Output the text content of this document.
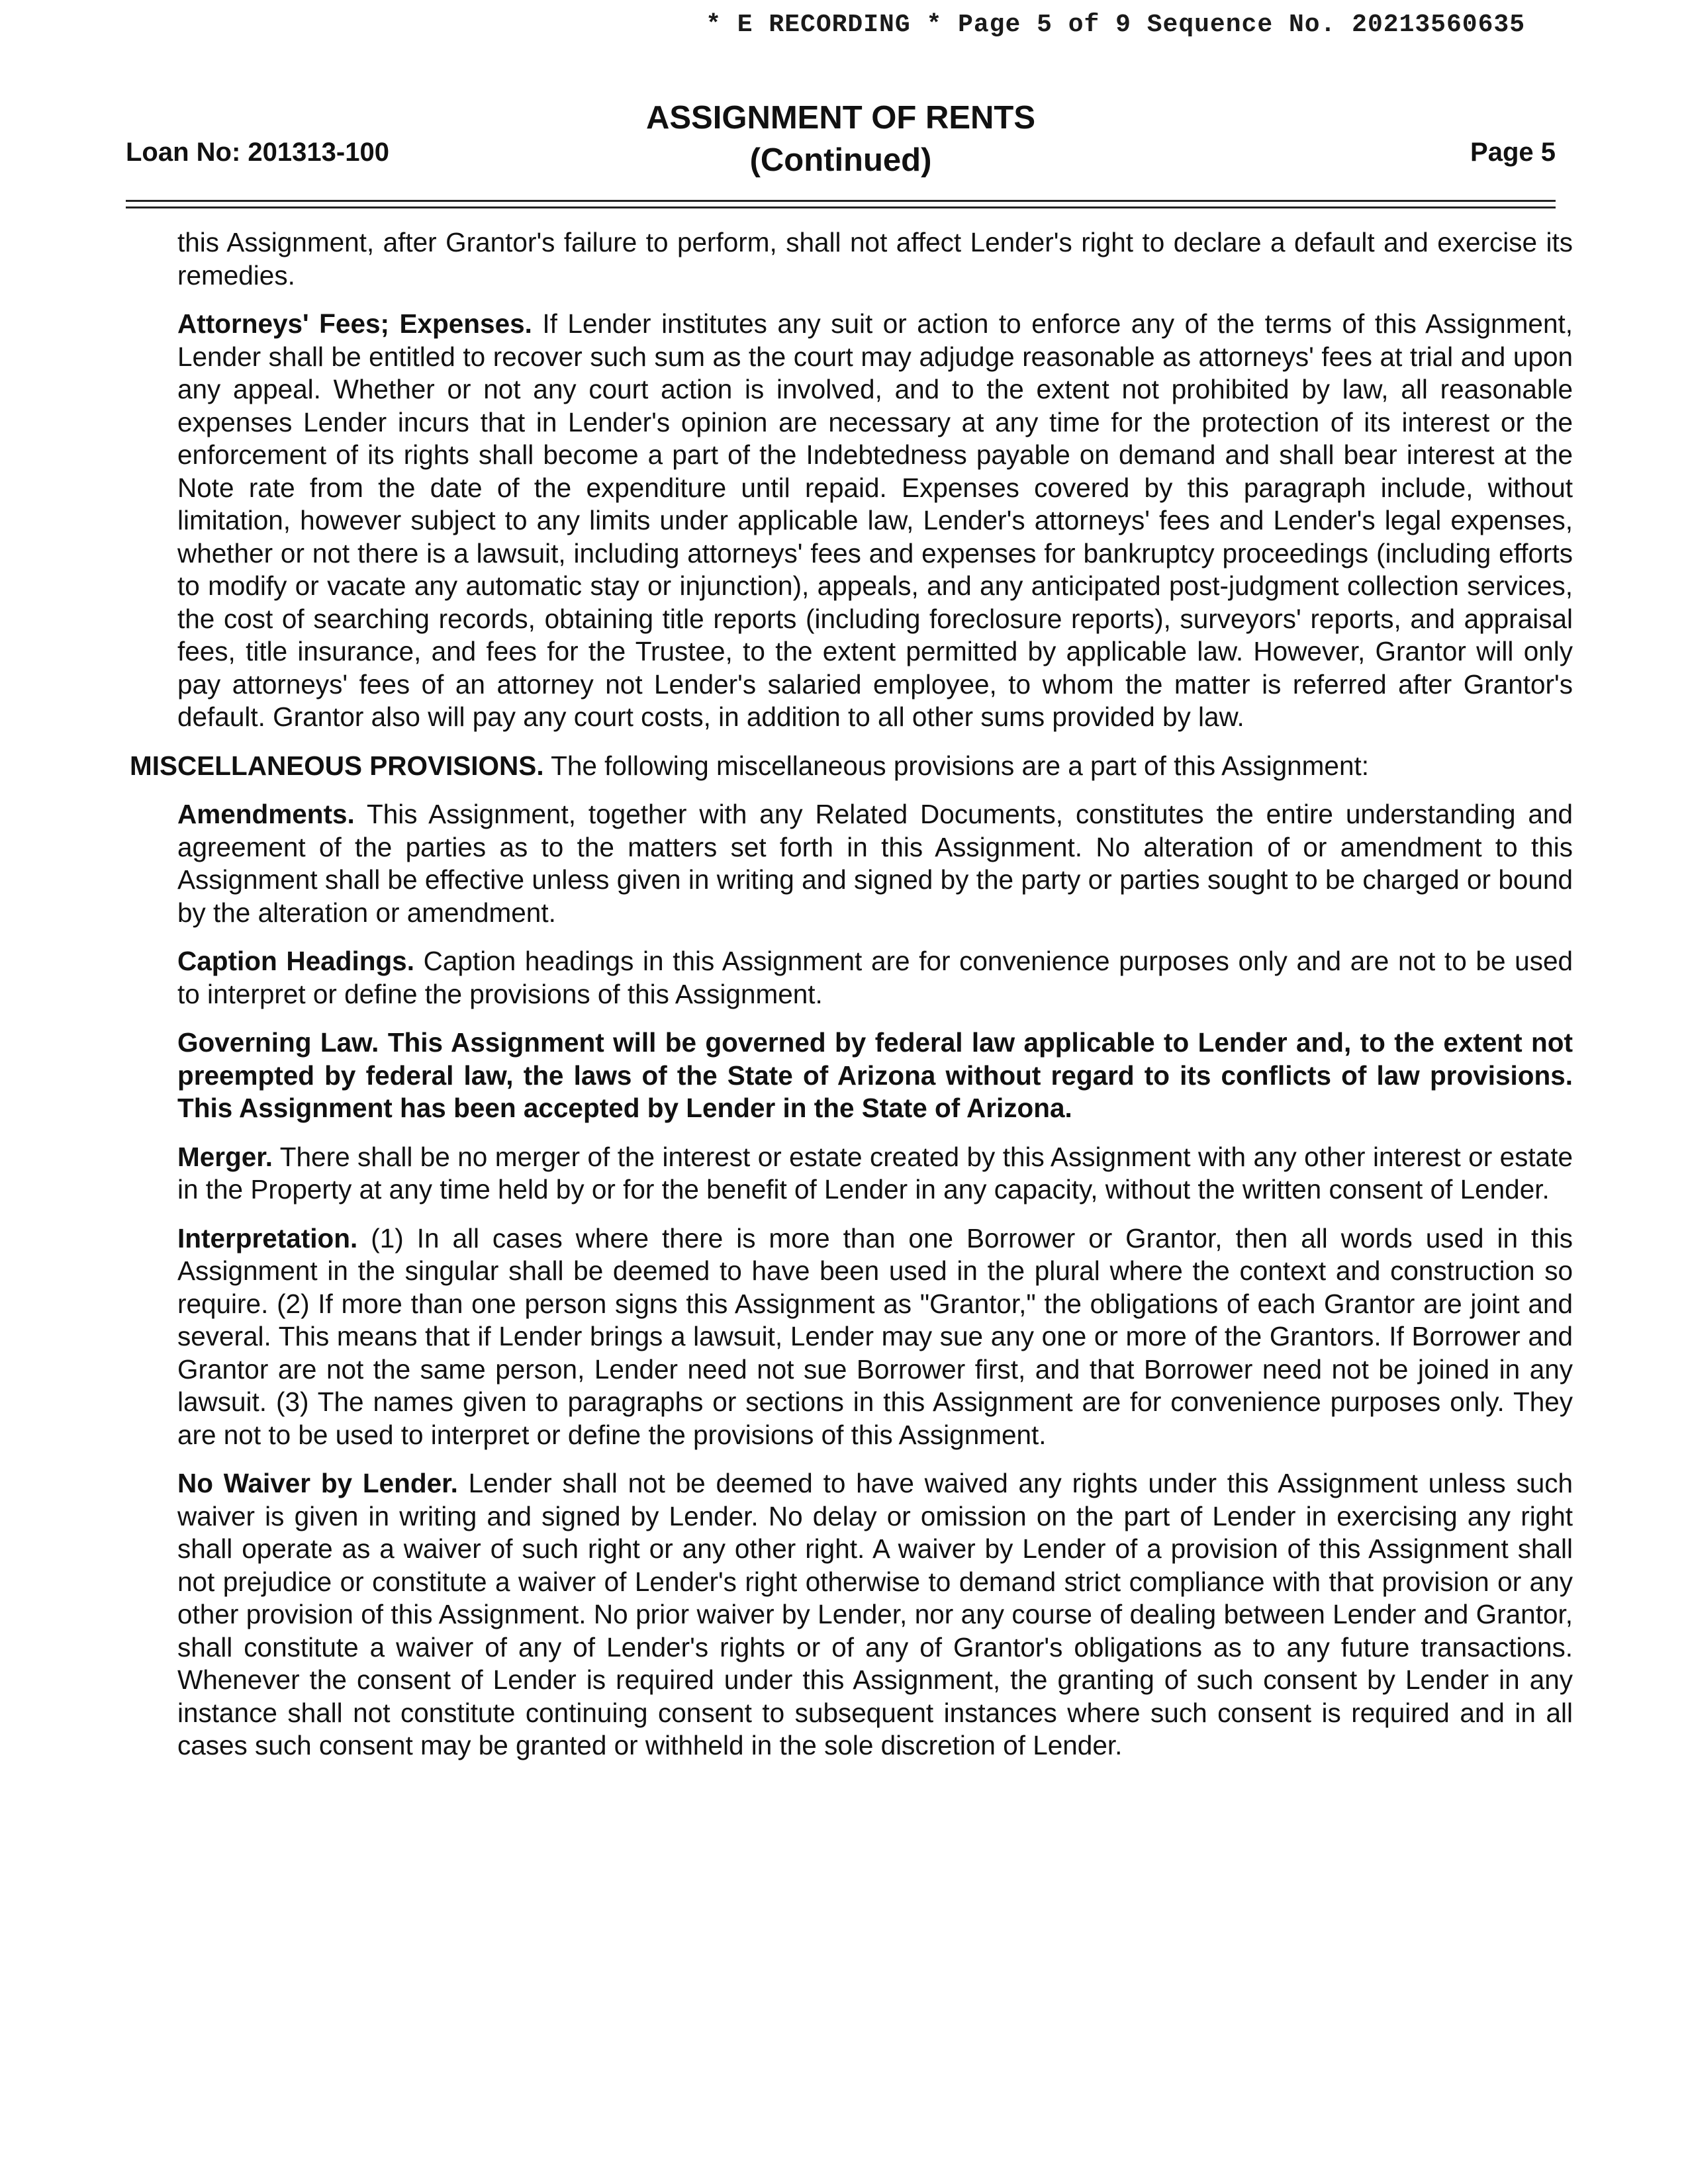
* E RECORDING * Page 5 of 9 Sequence No. 20213560635
Loan No: 201313-100
ASSIGNMENT OF RENTS
(Continued)	Page 5

this Assignment, after Grantor's failure to perform, shall not affect Lender's right to declare a default and exercise its remedies.

Attorneys' Fees; Expenses. If Lender institutes any suit or action to enforce any of the terms of this Assignment, Lender shall be entitled to recover such sum as the court may adjudge reasonable as attorneys' fees at trial and upon any appeal. Whether or not any court action is involved, and to the extent not prohibited by law, all reasonable expenses Lender incurs that in Lender's opinion are necessary at any time for the protection of its interest or the enforcement of its rights shall become a part of the Indebtedness payable on demand and shall bear interest at the Note rate from the date of the expenditure until repaid. Expenses covered by this paragraph include, without limitation, however subject to any limits under applicable law, Lender's attorneys' fees and Lender's legal expenses, whether or not there is a lawsuit, including attorneys' fees and expenses for bankruptcy proceedings (including efforts to modify or vacate any automatic stay or injunction), appeals, and any anticipated post-judgment collection services, the cost of searching records, obtaining title reports (including foreclosure reports), surveyors' reports, and appraisal fees, title insurance, and fees for the Trustee, to the extent permitted by applicable law. However, Grantor will only pay attorneys' fees of an attorney not Lender's salaried employee, to whom the matter is referred after Grantor's default. Grantor also will pay any court costs, in addition to all other sums provided by law.

MISCELLANEOUS PROVISIONS. The following miscellaneous provisions are a part of this Assignment:

Amendments. This Assignment, together with any Related Documents, constitutes the entire understanding and agreement of the parties as to the matters set forth in this Assignment. No alteration of or amendment to this Assignment shall be effective unless given in writing and signed by the party or parties sought to be charged or bound by the alteration or amendment.

Caption Headings. Caption headings in this Assignment are for convenience purposes only and are not to be used to interpret or define the provisions of this Assignment.

Governing Law. This Assignment will be governed by federal law applicable to Lender and, to the extent not preempted by federal law, the laws of the State of Arizona without regard to its conflicts of law provisions. This Assignment has been accepted by Lender in the State of Arizona.

Merger. There shall be no merger of the interest or estate created by this Assignment with any other interest or estate in the Property at any time held by or for the benefit of Lender in any capacity, without the written consent of Lender.

Interpretation. (1) In all cases where there is more than one Borrower or Grantor, then all words used in this Assignment in the singular shall be deemed to have been used in the plural where the context and construction so require. (2) If more than one person signs this Assignment as "Grantor," the obligations of each Grantor are joint and several. This means that if Lender brings a lawsuit, Lender may sue any one or more of the Grantors. If Borrower and Grantor are not the same person, Lender need not sue Borrower first, and that Borrower need not be joined in any lawsuit. (3) The names given to paragraphs or sections in this Assignment are for convenience purposes only. They are not to be used to interpret or define the provisions of this Assignment.

No Waiver by Lender. Lender shall not be deemed to have waived any rights under this Assignment unless such waiver is given in writing and signed by Lender. No delay or omission on the part of Lender in exercising any right shall operate as a waiver of such right or any other right. A waiver by Lender of a provision of this Assignment shall not prejudice or constitute a waiver of Lender's right otherwise to demand strict compliance with that provision or any other provision of this Assignment. No prior waiver by Lender, nor any course of dealing between Lender and Grantor, shall constitute a waiver of any of Lender's rights or of any of Grantor's obligations as to any future transactions. Whenever the consent of Lender is required under this Assignment, the granting of such consent by Lender in any instance shall not constitute continuing consent to subsequent instances where such consent is required and in all cases such consent may be granted or withheld in the sole discretion of Lender.
